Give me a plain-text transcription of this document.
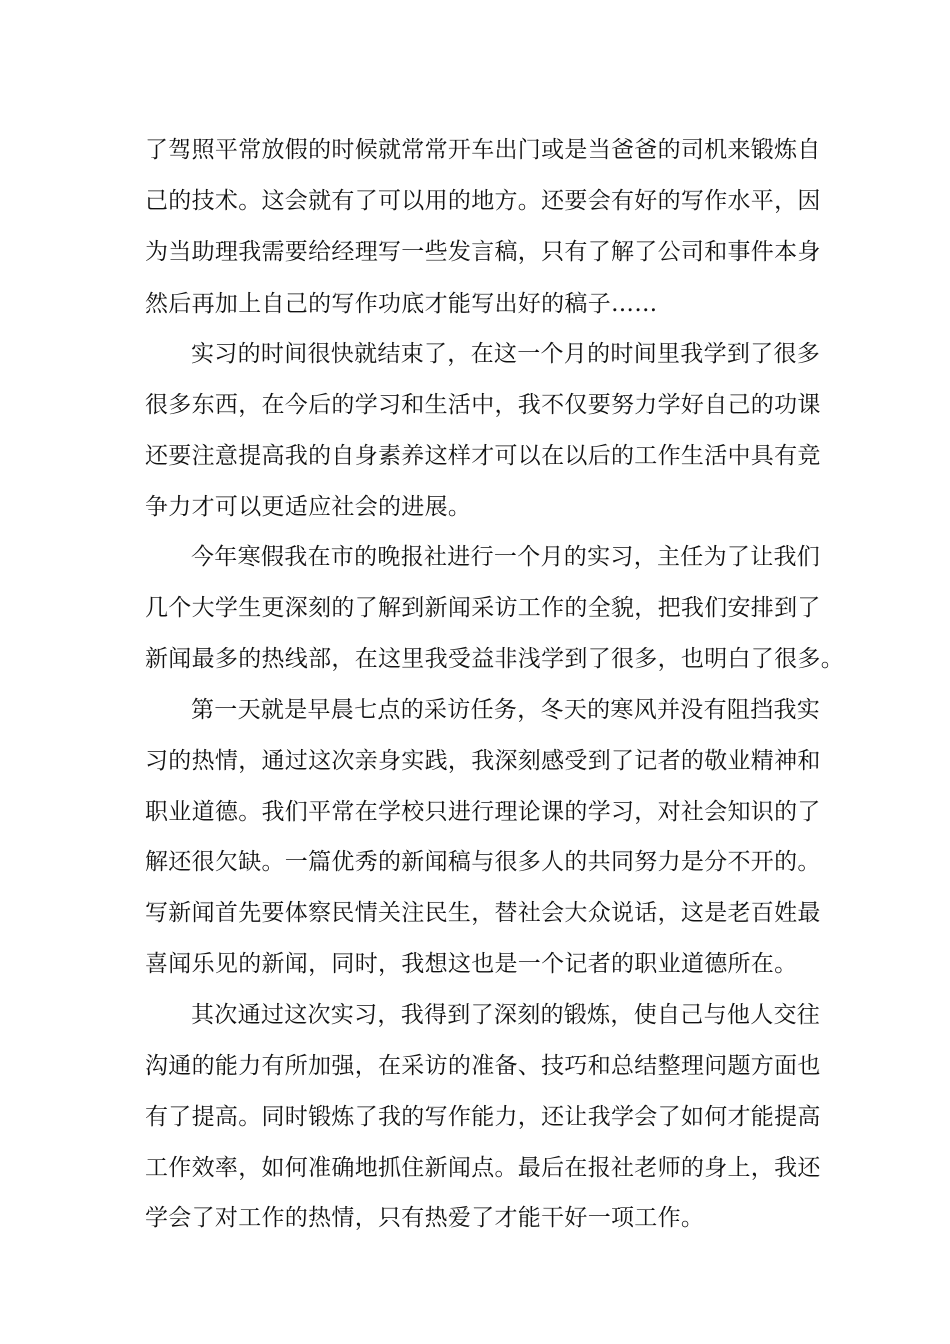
了驾照平常放假的时候就常常开车出门或是当爸爸的司机来锻炼自

己的技术。这会就有了可以用的地方。还要会有好的写作水平，因

为当助理我需要给经理写一些发言稿，只有了解了公司和事件本身

然后再加上自己的写作功底才能写出好的稿子……

实习的时间很快就结束了，在这一个月的时间里我学到了很多

很多东西，在今后的学习和生活中，我不仅要努力学好自己的功课

还要注意提高我的自身素养这样才可以在以后的工作生活中具有竞

争力才可以更适应社会的进展。

今年寒假我在市的晚报社进行一个月的实习，主任为了让我们

几个大学生更深刻的了解到新闻采访工作的全貌，把我们安排到了

新闻最多的热线部，在这里我受益非浅学到了很多，也明白了很多。

第一天就是早晨七点的采访任务，冬天的寒风并没有阻挡我实

习的热情，通过这次亲身实践，我深刻感受到了记者的敬业精神和

职业道德。我们平常在学校只进行理论课的学习，对社会知识的了

解还很欠缺。一篇优秀的新闻稿与很多人的共同努力是分不开的。

写新闻首先要体察民情关注民生，替社会大众说话，这是老百姓最

喜闻乐见的新闻，同时，我想这也是一个记者的职业道德所在。

其次通过这次实习，我得到了深刻的锻炼，使自己与他人交往

沟通的能力有所加强，在采访的准备、技巧和总结整理问题方面也

有了提高。同时锻炼了我的写作能力，还让我学会了如何才能提高

工作效率，如何准确地抓住新闻点。最后在报社老师的身上，我还

学会了对工作的热情，只有热爱了才能干好一项工作。
